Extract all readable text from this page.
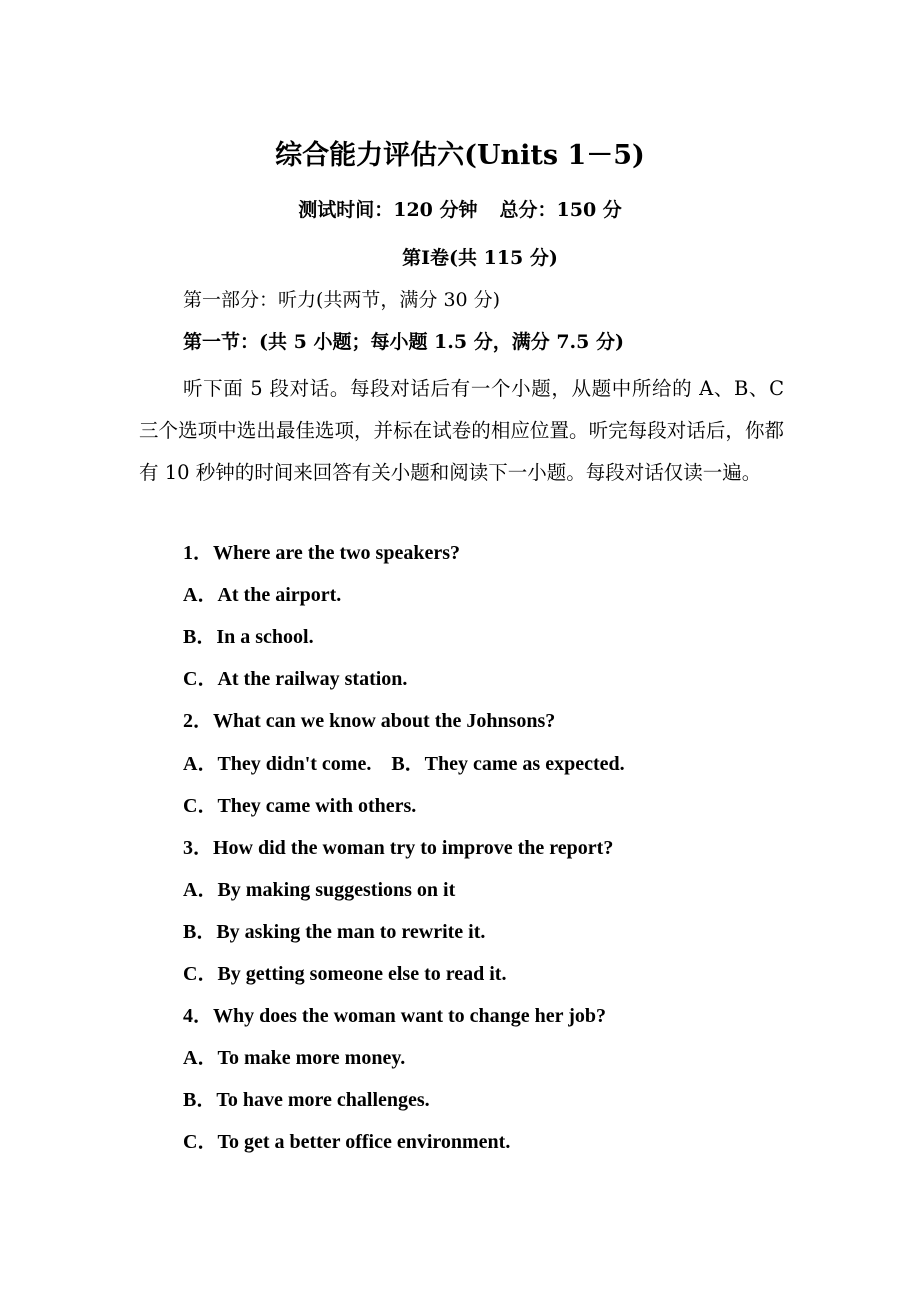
综合能力评估六(Units 1－5)
测试时间：120 分钟 总分：150 分
第Ⅰ卷(共 115 分)
第一部分：听力(共两节，满分 30 分)
第一节：(共 5 小题；每小题 1.5 分，满分 7.5 分)
听下面 5 段对话。每段对话后有一个小题，从题中所给的 A、B、C 三个选项中选出最佳选项，并标在试卷的相应位置。听完每段对话后，你都有 10 秒钟的时间来回答有关小题和阅读下一小题。每段对话仅读一遍。
1．Where are the two speakers?
A．At the airport.
B．In a school.
C．At the railway station.
2．What can we know about the Johnsons?
A．They didn't come.　B．They came as expected.
C．They came with others.
3．How did the woman try to improve the report?
A．By making suggestions on it
B．By asking the man to rewrite it.
C．By getting someone else to read it.
4．Why does the woman want to change her job?
A．To make more money.
B．To have more challenges.
C．To get a better office environment.
